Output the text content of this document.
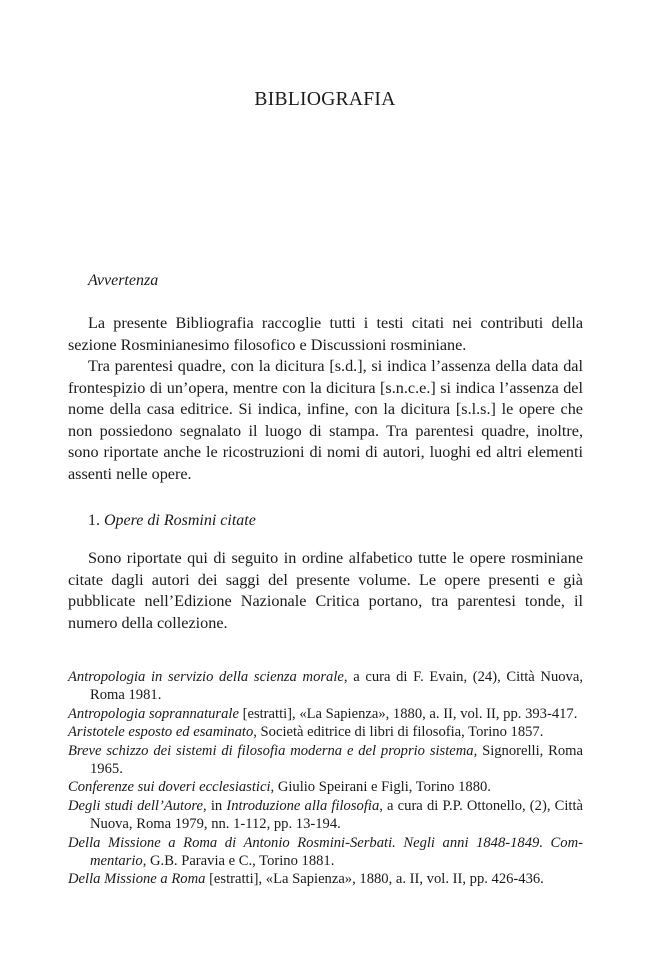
BIBLIOGRAFIA
Avvertenza

La presente Bibliografia raccoglie tutti i testi citati nei contributi della sezione Rosminianesimo filosofico e Discussioni rosminiane.

Tra parentesi quadre, con la dicitura [s.d.], si indica l’assenza della data dal frontespizio di un’opera, mentre con la dicitura [s.n.c.e.] si indica l’assenza del nome della casa editrice. Si indica, infine, con la dicitura [s.l.s.] le opere che non possiedono segnalato il luogo di stampa. Tra parentesi quadre, inoltre, sono riportate anche le ricostruzioni di nomi di autori, luoghi ed altri elementi assenti nelle opere.

1. Opere di Rosmini citate

Sono riportate qui di seguito in ordine alfabetico tutte le opere rosminiane citate dagli autori dei saggi del presente volume. Le opere presenti e già pubblicate nell’Edizione Nazionale Critica portano, tra parentesi tonde, il numero della collezione.

Antropologia in servizio della scienza morale, a cura di F. Evain, (24), Città Nuova, Roma 1981.
Antropologia soprannaturale [estratti], «La Sapienza», 1880, a. II, vol. II, pp. 393-417.
Aristotele esposto ed esaminato, Società editrice di libri di filosofia, Torino 1857.
Breve schizzo dei sistemi di filosofia moderna e del proprio sistema, Signorelli, Roma 1965.
Conferenze sui doveri ecclesiastici, Giulio Speirani e Figli, Torino 1880.
Degli studi dell’Autore, in Introduzione alla filosofia, a cura di P.P. Ottonello, (2), Città Nuova, Roma 1979, nn. 1-112, pp. 13-194.
Della Missione a Roma di Antonio Rosmini-Serbati. Negli anni 1848-1849. Commentario, G.B. Paravia e C., Torino 1881.
Della Missione a Roma [estratti], «La Sapienza», 1880, a. II, vol. II, pp. 426-436.
